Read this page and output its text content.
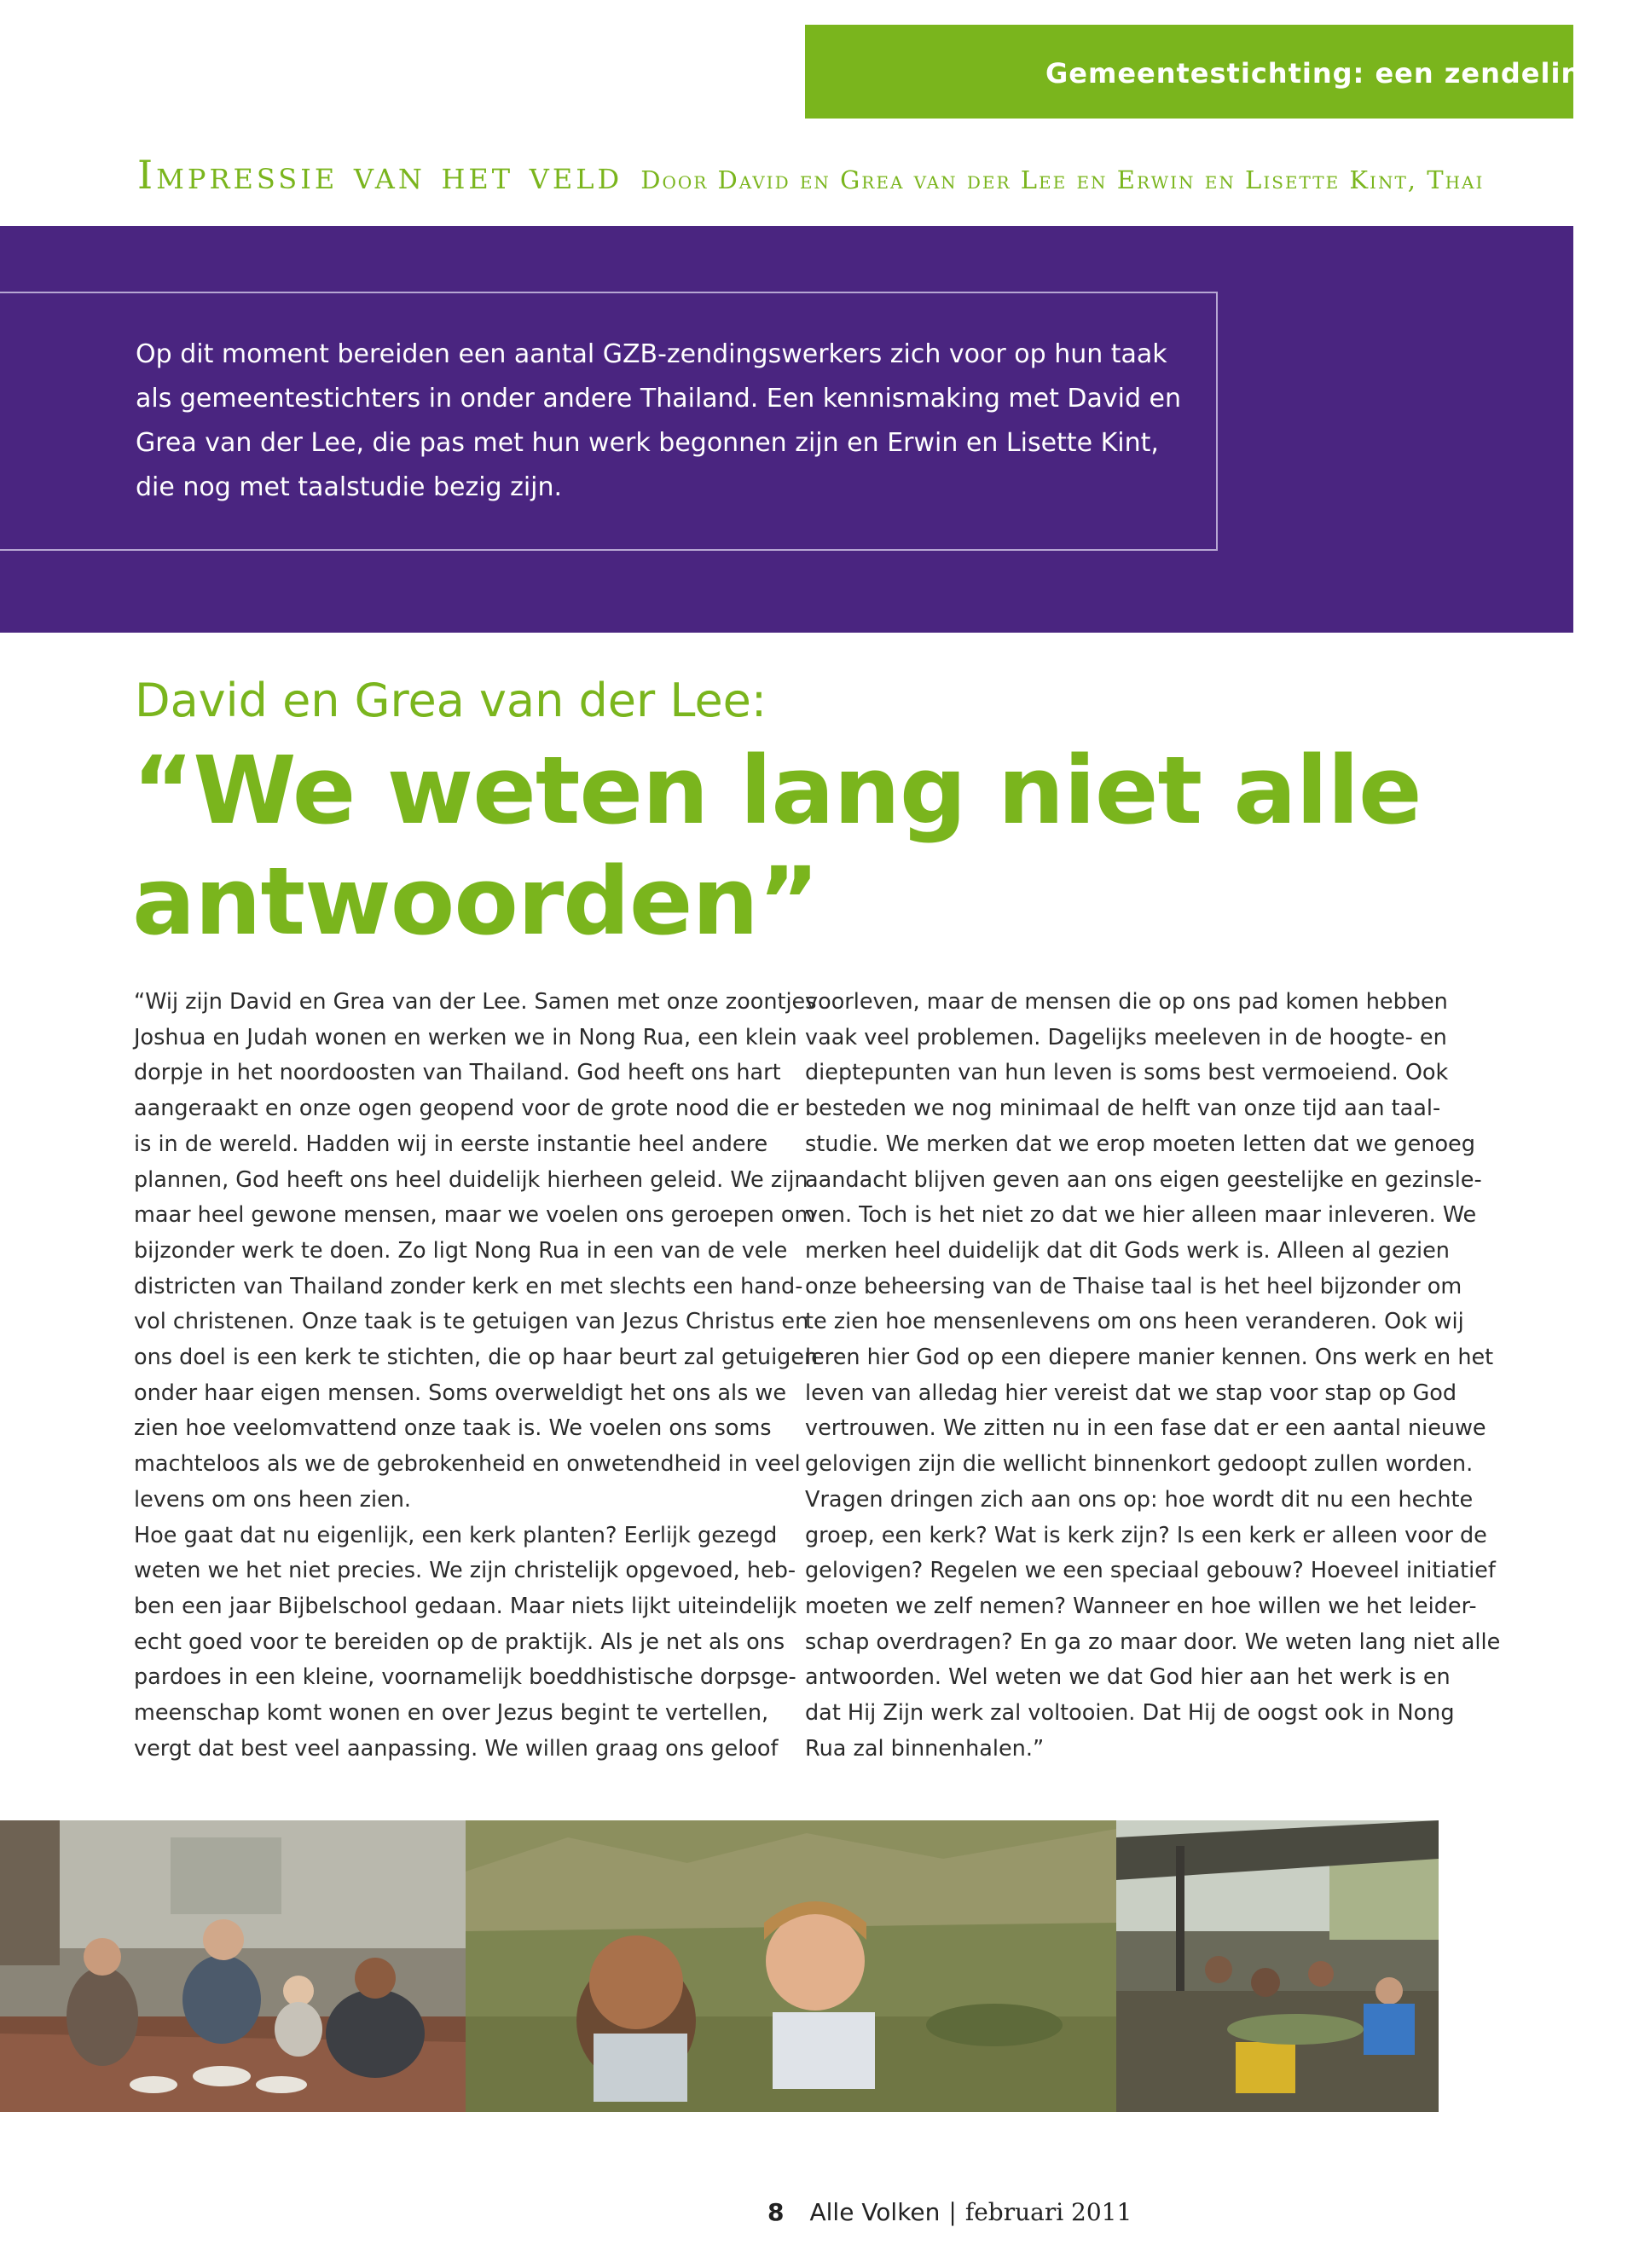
Gemeentestichting: een zendeling is
Impressie van het veld Door David en Grea van der Lee en Erwin en Lisette Kint, Thai

Op dit moment bereiden een aantal GZB-zendingswerkers zich voor op hun taak
als gemeentestichters in onder andere Thailand. Een kennismaking met David en
Grea van der Lee, die pas met hun werk begonnen zijn en Erwin en Lisette Kint,
die nog met taalstudie bezig zijn.

David en Grea van der Lee:
“We weten lang niet alle
antwoorden”
“Wij zijn David en Grea van der Lee. Samen met onze zoontjes
Joshua en Judah wonen en werken we in Nong Rua, een klein
dorpje in het noordoosten van Thailand. God heeft ons hart
aangeraakt en onze ogen geopend voor de grote nood die er
is in de wereld. Hadden wij in eerste instantie heel andere
plannen, God heeft ons heel duidelijk hierheen geleid. We zijn
maar heel gewone mensen, maar we voelen ons geroepen om
bijzonder werk te doen. Zo ligt Nong Rua in een van de vele
districten van Thailand zonder kerk en met slechts een hand-
vol christenen. Onze taak is te getuigen van Jezus Christus en
ons doel is een kerk te stichten, die op haar beurt zal getuigen
onder haar eigen mensen. Soms overweldigt het ons als we
zien hoe veelomvattend onze taak is. We voelen ons soms
machteloos als we de gebrokenheid en onwetendheid in veel
levens om ons heen zien.
Hoe gaat dat nu eigenlijk, een kerk planten? Eerlijk gezegd
weten we het niet precies. We zijn christelijk opgevoed, heb-
ben een jaar Bijbelschool gedaan. Maar niets lijkt uiteindelijk
echt goed voor te bereiden op de praktijk. Als je net als ons
pardoes in een kleine, voornamelijk boeddhistische dorpsge-
meenschap komt wonen en over Jezus begint te vertellen,
vergt dat best veel aanpassing. We willen graag ons geloof
voorleven, maar de mensen die op ons pad komen hebben
vaak veel problemen. Dagelijks meeleven in de hoogte- en
dieptepunten van hun leven is soms best vermoeiend. Ook
besteden we nog minimaal de helft van onze tijd aan taal-
studie. We merken dat we erop moeten letten dat we genoeg
aandacht blijven geven aan ons eigen geestelijke en gezinsle-
ven. Toch is het niet zo dat we hier alleen maar inleveren. We
merken heel duidelijk dat dit Gods werk is. Alleen al gezien
onze beheersing van de Thaise taal is het heel bijzonder om
te zien hoe mensenlevens om ons heen veranderen. Ook wij
leren hier God op een diepere manier kennen. Ons werk en het
leven van alledag hier vereist dat we stap voor stap op God
vertrouwen. We zitten nu in een fase dat er een aantal nieuwe
gelovigen zijn die wellicht binnenkort gedoopt zullen worden.
Vragen dringen zich aan ons op: hoe wordt dit nu een hechte
groep, een kerk? Wat is kerk zijn? Is een kerk er alleen voor de
gelovigen? Regelen we een speciaal gebouw? Hoeveel initiatief
moeten we zelf nemen? Wanneer en hoe willen we het leider-
schap overdragen? En ga zo maar door. We weten lang niet alle
antwoorden. Wel weten we dat God hier aan het werk is en
dat Hij Zijn werk zal voltooien. Dat Hij de oogst ook in Nong
Rua zal binnenhalen.”
8 Alle Volken | februari 2011
